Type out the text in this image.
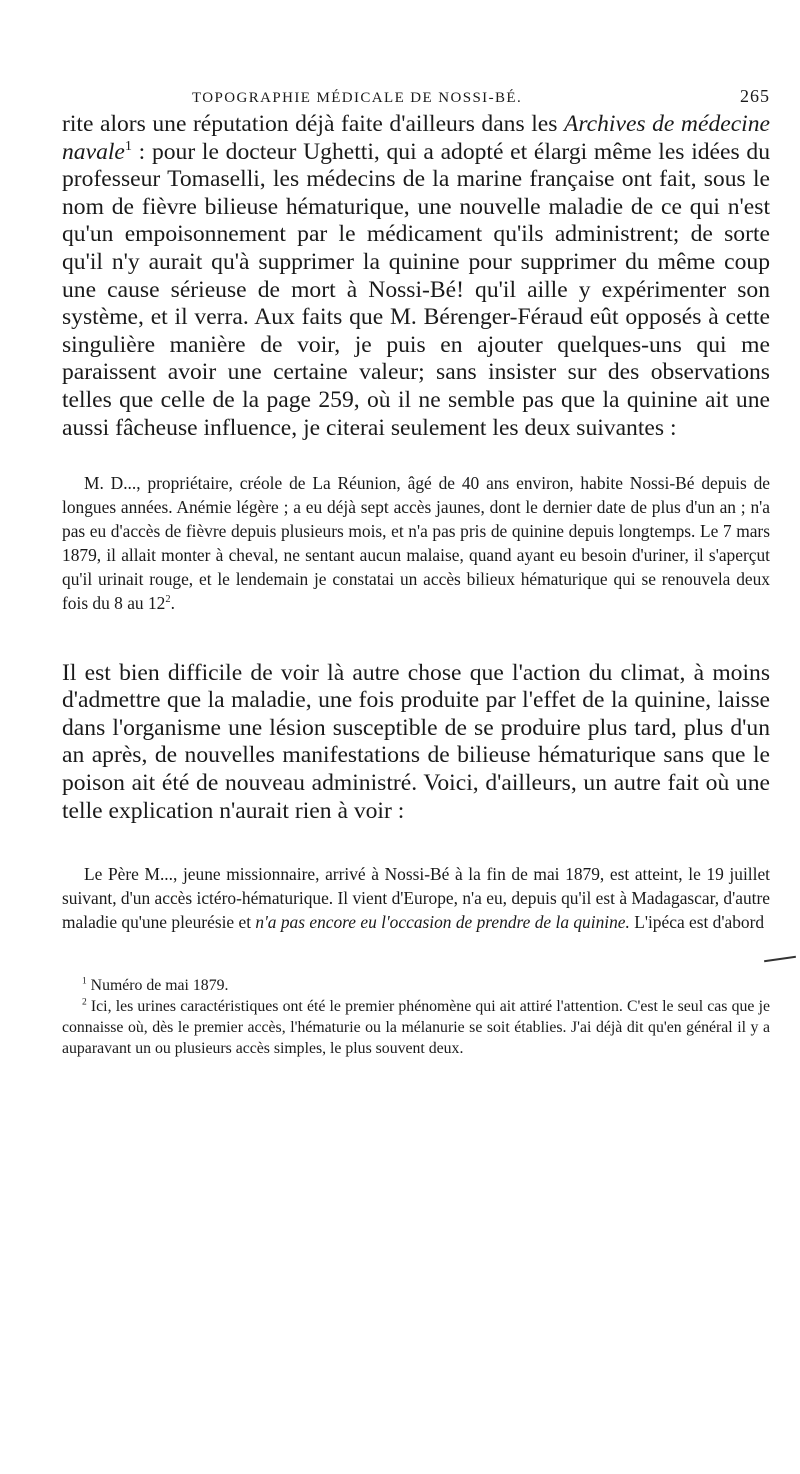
TOPOGRAPHIE MÉDICALE DE NOSSI-BÉ.	265

rite alors une réputation déjà faite d'ailleurs dans les Archives de médecine navale$^1$ : pour le docteur Ughetti, qui a adopté et élargi même les idées du professeur Tomaselli, les médecins de la marine française ont fait, sous le nom de fièvre bilieuse hématurique, une nouvelle maladie de ce qui n'est qu'un empoisonnement par le médicament qu'ils administrent; de sorte qu'il n'y aurait qu'à supprimer la quinine pour supprimer du même coup une cause sérieuse de mort à Nossi-Bé! qu'il aille y expérimenter son système, et il verra. Aux faits que M. Bérenger-Féraud eût opposés à cette singulière manière de voir, je puis en ajouter quelques-uns qui me paraissent avoir une certaine valeur; sans insister sur des observations telles que celle de la page 259, où il ne semble pas que la quinine ait une aussi fâcheuse influence, je citerai seulement les deux suivantes :

M. D..., propriétaire, créole de La Réunion, âgé de 40 ans environ, habite Nossi-Bé depuis de longues années. Anémie légère ; a eu déjà sept accès jaunes, dont le dernier date de plus d'un an ; n'a pas eu d'accès de fièvre depuis plusieurs mois, et n'a pas pris de quinine depuis longtemps. Le 7 mars 1879, il allait monter à cheval, ne sentant aucun malaise, quand ayant eu besoin d'uriner, il s'aperçut qu'il urinait rouge, et le lendemain je constatai un accès bilieux hématurique qui se renouvela deux fois du 8 au $12^2$.

Il est bien difficile de voir là autre chose que l'action du climat, à moins d'admettre que la maladie, une fois produite par l'effet de la quinine, laisse dans l'organisme une lésion susceptible de se produire plus tard, plus d'un an après, de nouvelles manifestations de bilieuse hématurique sans que le poison ait été de nouveau administré. Voici, d'ailleurs, un autre fait où une telle explication n'aurait rien à voir :

Le Père M..., jeune missionnaire, arrivé à Nossi-Bé à la fin de mai 1879, est atteint, le 19 juillet suivant, d'un accès ictéro-hématurique. Il vient d'Europe, n'a eu, depuis qu'il est à Madagascar, d'autre maladie qu'une pleurésie et n'a pas encore eu l'occasion de prendre de la quinine. L'ipéca est d'abord

$^1$ Numéro de mai 1879.

$^2$ Ici, les urines caractéristiques ont été le premier phénomène qui ait attiré l'attention. C'est le seul cas que je connaisse où, dès le premier accès, l'hématurie ou la mélanurie se soit établies. J'ai déjà dit qu'en général il y a auparavant un ou plusieurs accès simples, le plus souvent deux.
